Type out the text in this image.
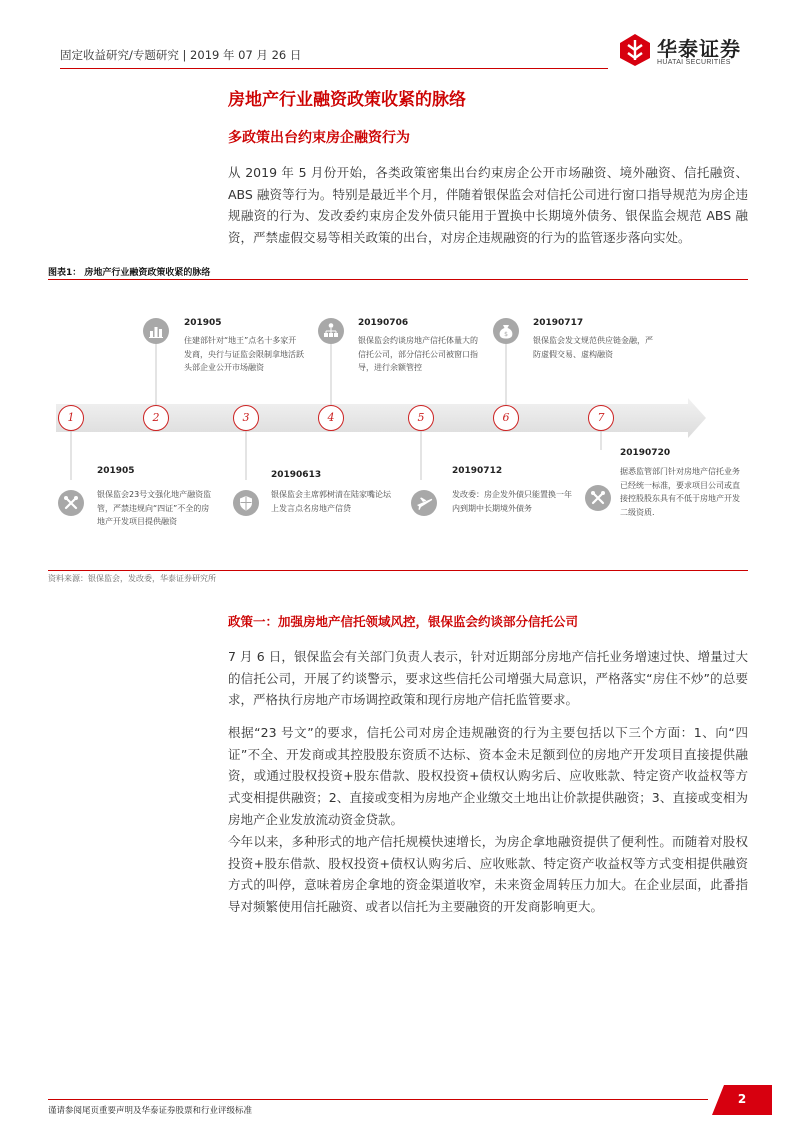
固定收益研究/专题研究 | 2019 年 07 月 26 日	华泰证券
HUATAI SECURITIES
房地产行业融资政策收紧的脉络
多政策出台约束房企融资行为

从 2019 年 5 月份开始，各类政策密集出台约束房企公开市场融资、境外融资、信托融资、ABS 融资等行为。特别是最近半个月，伴随着银保监会对信托公司进行窗口指导规范为房企违规融资的行为、发改委约束房企发外债只能用于置换中长期境外债务、银保监会规范 ABS 融资，严禁虚假交易等相关政策的出台，对房企违规融资的行为的监管逐步落向实处。

图表1： 房地产行业融资政策收紧的脉络
1	2	3	4	5	6	7
201905
住建部针对“地王”点名十多家开发商，央行与证监会限制拿地活跃头部企业公开市场融资
20190706
银保监会约谈房地产信托体量大的信托公司，部分信托公司被窗口指导，进行余额管控
$
20190717
银保监会发文规范供应链金融，严防虚假交易、虚构融资
201905
银保监会23号文强化地产融资监管，严禁违规向“四证”不全的房地产开发项目提供融资
20190613
银保监会主席郭树清在陆家嘴论坛上发言点名房地产信贷
20190712
发改委：房企发外债只能置换一年内到期中长期境外债务
20190720
据悉监管部门针对房地产信托业务已经统一标准，要求项目公司或直接控股股东具有不低于房地产开发二级资质.
资料来源：银保监会，发改委，华泰证券研究所
政策一：加强房地产信托领域风控，银保监会约谈部分信托公司

7 月 6 日，银保监会有关部门负责人表示，针对近期部分房地产信托业务增速过快、增量过大的信托公司，开展了约谈警示，要求这些信托公司增强大局意识，严格落实“房住不炒”的总要求，严格执行房地产市场调控政策和现行房地产信托监管要求。

根据“23 号文”的要求，信托公司对房企违规融资的行为主要包括以下三个方面：1、向“四证”不全、开发商或其控股股东资质不达标、资本金未足额到位的房地产开发项目直接提供融资，或通过股权投资+股东借款、股权投资+债权认购劣后、应收账款、特定资产收益权等方式变相提供融资；2、直接或变相为房地产企业缴交土地出让价款提供融资；3、直接或变相为房地产企业发放流动资金贷款。

今年以来，多种形式的地产信托规模快速增长，为房企拿地融资提供了便利性。而随着对股权投资+股东借款、股权投资+债权认购劣后、应收账款、特定资产收益权等方式变相提供融资方式的叫停，意味着房企拿地的资金渠道收窄，未来资金周转压力加大。在企业层面，此番指导对频繁使用信托融资、或者以信托为主要融资的开发商影响更大。

谨请参阅尾页重要声明及华泰证券股票和行业评级标准
2
